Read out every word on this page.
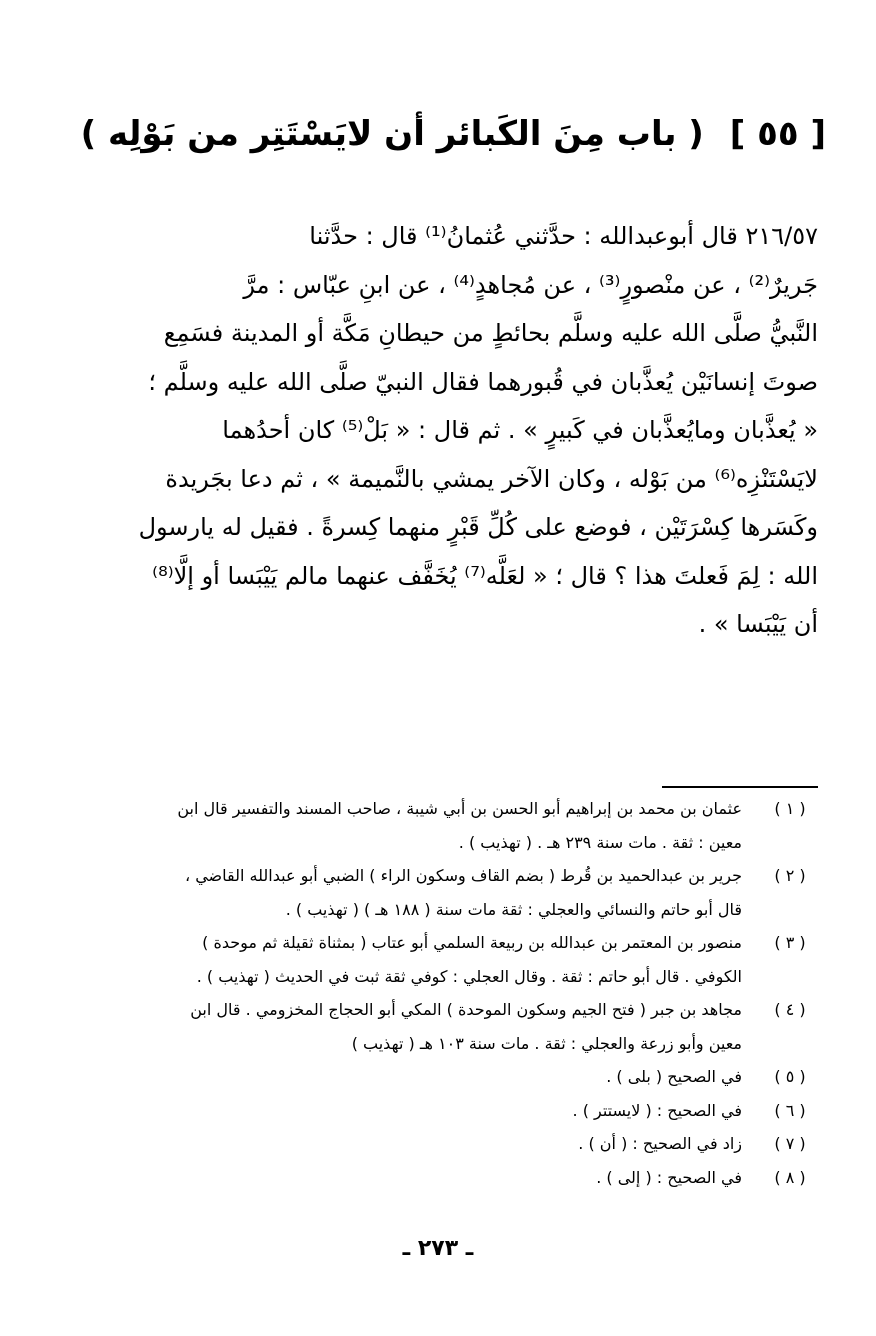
[ ٥٥ ] ( باب مِنَ الكَبائر أن لايَسْتَتِر من بَوْلِه )
٢١٦/٥٧ قال أبوعبدالله : حدَّثني عُثمانُ⁽¹⁾ قال : حدَّثنا
جَريرٌ⁽²⁾ ، عن منْصورٍ⁽³⁾ ، عن مُجاهدٍ⁽⁴⁾ ، عن ابنِ عبّاس : مرَّ
النَّبيُّ صلَّى الله عليه وسلَّم بحائطٍ من حيطانِ مَكَّة أو المدينة فسَمِع
صوتَ إنسانَيْن يُعذَّبان في قُبورهما فقال النبيّ صلَّى الله عليه وسلَّم ؛
« يُعذَّبان ومايُعذَّبان في كَبيرٍ » . ثم قال : « بَلْ⁽⁵⁾ كان أحدُهما
لايَسْتَنْزِه⁽⁶⁾ من بَوْله ، وكان الآخر يمشي بالنَّميمة » ، ثم دعا بجَريدة
وكَسَرها كِسْرَتَيْن ، فوضع على كُلِّ قَبْرٍ منهما كِسرةً . فقيل له يارسول
الله : لِمَ فَعلتَ هذا ؟ قال ؛ « لعَلَّه⁽⁷⁾ يُخَفَّف عنهما مالم يَيْبَسا أو إلَّا⁽⁸⁾
أن يَيْبَسا » .
( ١ )
عثمان بن محمد بن إبراهيم أبو الحسن بن أبي شيبة ، صاحب المسند والتفسير قال ابن
معين : ثقة . مات سنة ٢٣٩ هـ . ( تهذيب ) .
( ٢ )
جرير بن عبدالحميد بن قُرط ( بضم القاف وسكون الراء ) الضبي أبو عبدالله القاضي ،
قال أبو حاتم والنسائي والعجلي : ثقة مات سنة ( ١٨٨ هـ ) ( تهذيب ) .
( ٣ )
منصور بن المعتمر بن عبدالله بن ربيعة السلمي أبو عتاب ( بمثناة ثقيلة ثم موحدة )
الكوفي . قال أبو حاتم : ثقة . وقال العجلي : كوفي ثقة ثبت في الحديث ( تهذيب ) .
( ٤ )
مجاهد بن جبر ( فتح الجيم وسكون الموحدة ) المكي أبو الحجاج المخزومي . قال ابن
معين وأبو زرعة والعجلي : ثقة . مات سنة ١٠٣ هـ ( تهذيب )
( ٥ )
في الصحيح ( بلى ) .
( ٦ )
في الصحيح : ( لايستتر ) .
( ٧ )
زاد في الصحيح : ( أن ) .
( ٨ )
في الصحيح : ( إلى ) .
ـ ٢٧٣ ـ
